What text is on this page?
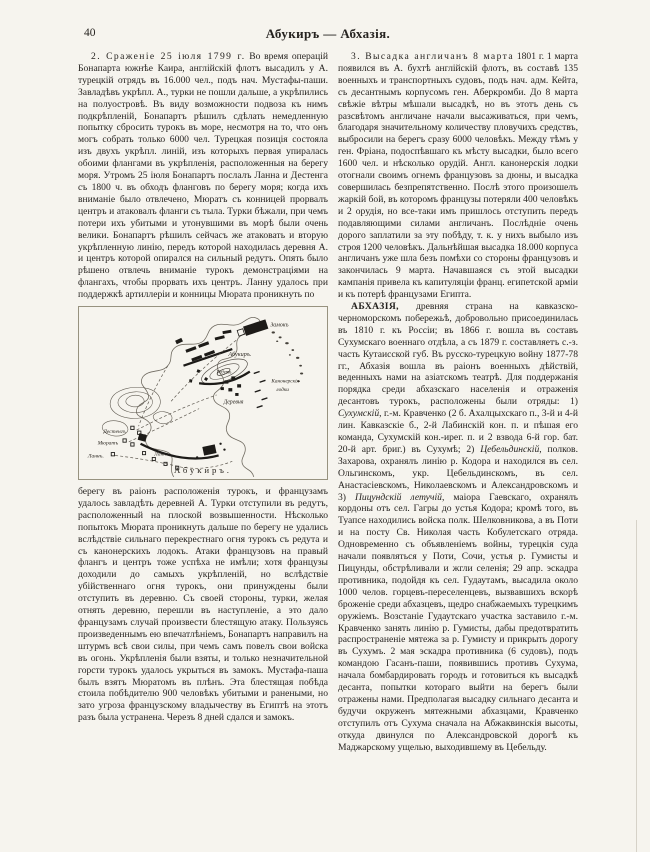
40	Абукиръ — Абхазія.

2. Сраженіе 25 іюля 1799 г. Во время операцій Бонапарта южнѣе Каира, англійскій флотъ высадилъ у А. турецкій отрядъ въ 16.000 чел., подъ нач. Мустафы-паши. Завладѣвъ укрѣпл. А., турки не пошли дальше, а укрѣпились на полуостровѣ. Въ виду возможности подвоза къ нимъ подкрѣпленій, Бонапартъ рѣшилъ сдѣлать немедленную попытку сбросить турокъ въ море, несмотря на то, что онъ могъ собрать только 6000 чел. Турецкая позиція состояла изъ двухъ укрѣпл. линій, изъ которыхъ первая упиралась обоими флангами въ укрѣпленія, расположенныя на берегу моря. Утромъ 25 іюля Бонапартъ послалъ Ланна и Дестенга съ 1800 ч. въ обходъ фланговъ по берегу моря; когда ихъ вниманіе было отвлечено, Мюратъ съ конницей прорвалъ центръ и атаковалъ фланги съ тыла. Турки бѣжали, при чемъ потери ихъ убитыми и утонувшими въ морѣ были очень велики. Бонапартъ рѣшилъ сейчасъ же атаковать и вторую укрѣпленную линію, передъ которой находилась деревня А. и центръ которой опирался на сильный редутъ. Опять было рѣшено отвлечь вниманіе турокъ демонстраціями на флангахъ, чтобы прорвать ихъ центръ. Ланну удалось при поддержкѣ артиллеріи и конницы Мюрата проникнуть по

Замокъ
Абукиръ.
Редутъ
Канонерскія
лодки
Деревня
Дестенгъ
Мюратъ
Ланнъ.	Ланнъ
Абукиръ.

берегу въ раіонъ расположенія турокъ, и французамъ удалось завладѣть деревней А. Турки отступили въ редутъ, расположенный на плоской возвышенности. Нѣсколько попытокъ Мюрата проникнуть дальше по берегу не удались вслѣдствіе сильнаго перекрестнаго огня турокъ съ редута и съ канонерскихъ лодокъ. Атаки французовъ на правый флангъ и центръ тоже успѣха не имѣли; хотя французы доходили до самыхъ укрѣпленій, но вслѣдствіе убійственнаго огня турокъ, они принуждены были отступить въ деревню. Съ своей стороны, турки, желая отнять деревню, перешли въ наступленіе, а это дало французамъ случай произвести блестящую атаку. Пользуясь произведеннымъ ею впечатлѣніемъ, Бонапартъ направилъ на штурмъ всѣ свои силы, при чемъ самъ повелъ свои войска въ огонь. Укрѣпленія были взяты, и только незначительной горсти турокъ удалось укрыться въ замокъ. Мустафа-паша былъ взятъ Мюратомъ въ плѣнъ. Эта блестящая побѣда стоила побѣдителю 900 человѣкъ убитыми и ранеными, но зато угроза французскому владычеству въ Египтѣ на этотъ разъ была устранена. Черезъ 8 дней сдался и замокъ.

3. Высадка англичанъ 8 марта 1801 г. 1 марта появился въ А. бухтѣ англійскій флотъ, въ составѣ 135 военныхъ и транспортныхъ судовъ, подъ нач. адм. Кейта, съ десантнымъ корпусомъ ген. Аберкромби. До 8 марта свѣжіе вѣтры мѣшали высадкѣ, но въ этотъ день съ разсвѣтомъ англичане начали высаживаться, при чемъ, благодаря значительному количеству пловучихъ средствъ, выбросили на берегъ сразу 6000 человѣкъ. Между тѣмъ у ген. Фріана, подоспѣвшаго къ мѣсту высадки, было всего 1600 чел. и нѣсколько орудій. Англ. канонерскія лодки отогнали своимъ огнемъ французовъ за дюны, и высадка совершилась безпрепятственно. Послѣ этого произошелъ жаркій бой, въ которомъ французы потеряли 400 человѣкъ и 2 орудія, но все-таки имъ пришлось отступить передъ подавляющими силами англичанъ. Послѣдніе очень дорого заплатили за эту побѣду, т. к. у нихъ выбыло изъ строя 1200 человѣкъ. Дальнѣйшая высадка 18.000 корпуса англичанъ уже шла безъ помѣхи со стороны французовъ и закончилась 9 марта. Начавшаяся съ этой высадки кампанія привела къ капитуляціи франц. египетской арміи и къ потерѣ французами Египта.

АБХАЗІЯ, древняя страна на кавказско-черноморскомъ побережьѣ, добровольно присоединилась въ 1810 г. къ Россіи; въ 1866 г. вошла въ составъ Сухумскаго военнаго отдѣла, а съ 1879 г. составляетъ с.-з. часть Кутаисской губ. Въ русско-турецкую войну 1877-78 гг., Абхазія вошла въ раіонъ военныхъ дѣйствій, веденныхъ нами на азіатскомъ театрѣ. Для поддержанія порядка среди абхазскаго населенія и отраженія десантовъ турокъ, расположены были отряды: 1) Сухумскій, г.-м. Кравченко (2 б. Ахалцыхскаго п., 3-й и 4-й лин. Кавказскіе б., 2-й Лабинскій кон. п. и пѣшая его команда, Сухумскій кон.-ирег. п. и 2 взвода 6-й гор. бат. 20-й арт. бриг.) въ Сухумѣ; 2) Цебельдинскій, полков. Захарова, охранялъ линію р. Кодора и находился въ сел. Ольгинскомъ, укр. Цебельдинскомъ, въ сел. Анастасіевскомъ, Николаевскомъ и Александровскомъ и 3) Пицундскій летучій, маіора Гаевскаго, охранялъ кордоны отъ сел. Гагры до устья Кодора; кромѣ того, въ Туапсе находились войска полк. Шелковникова, а въ Поти и на посту Св. Николая часть Кобулетскаго отряда. Одновременно съ объявленіемъ войны, турецкія суда начали появляться у Поти, Сочи, устья р. Гумисты и Пицунды, обстрѣливали и жгли селенія; 29 апр. эскадра противника, подойдя къ сел. Гудаутамъ, высадила около 1000 челов. горцевъ-переселенцевъ, вызвавшихъ вскорѣ броженіе среди абхазцевъ, щедро снабжаемыхъ турецкимъ оружіемъ. Возстаніе Гудаутскаго участка заставило г.-м. Кравченко занять линію р. Гумисты, дабы предотвратить распространеніе мятежа за р. Гумисту и прикрыть дорогу въ Сухумъ. 2 мая эскадра противника (6 судовъ), подъ командою Гасанъ-паши, появившись противъ Сухума, начала бомбардировать городъ и готовиться къ высадкѣ десанта, попытки котораго выйти на берегъ были отражены нами. Предполагая высадку сильнаго десанта и будучи окруженъ мятежными абхазцами, Кравченко отступилъ отъ Сухума сначала на Абжаквинскія высоты, откуда двинулся по Александровской дорогѣ къ Маджарскому ущелью, выходившему въ Цебельду.
